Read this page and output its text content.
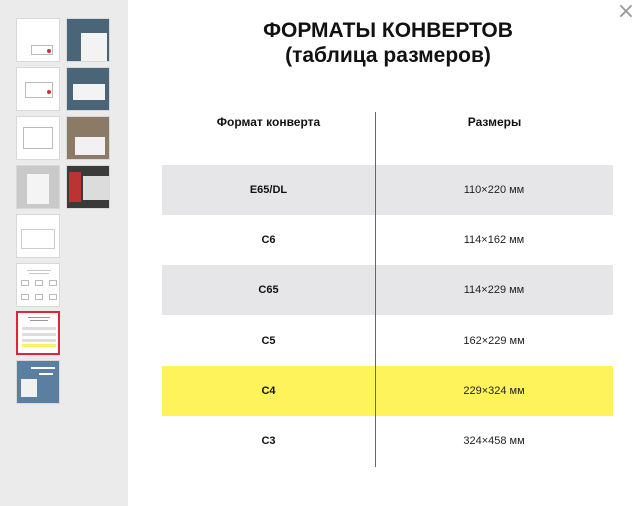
×
ФОРМАТЫ КОНВЕРТОВ
(таблица размеров)
Формат конверта	Размеры
E65/DL	110×220 мм
C6	114×162 мм
C65	114×229 мм
C5	162×229 мм
C4	229×324 мм
C3	324×458 мм
